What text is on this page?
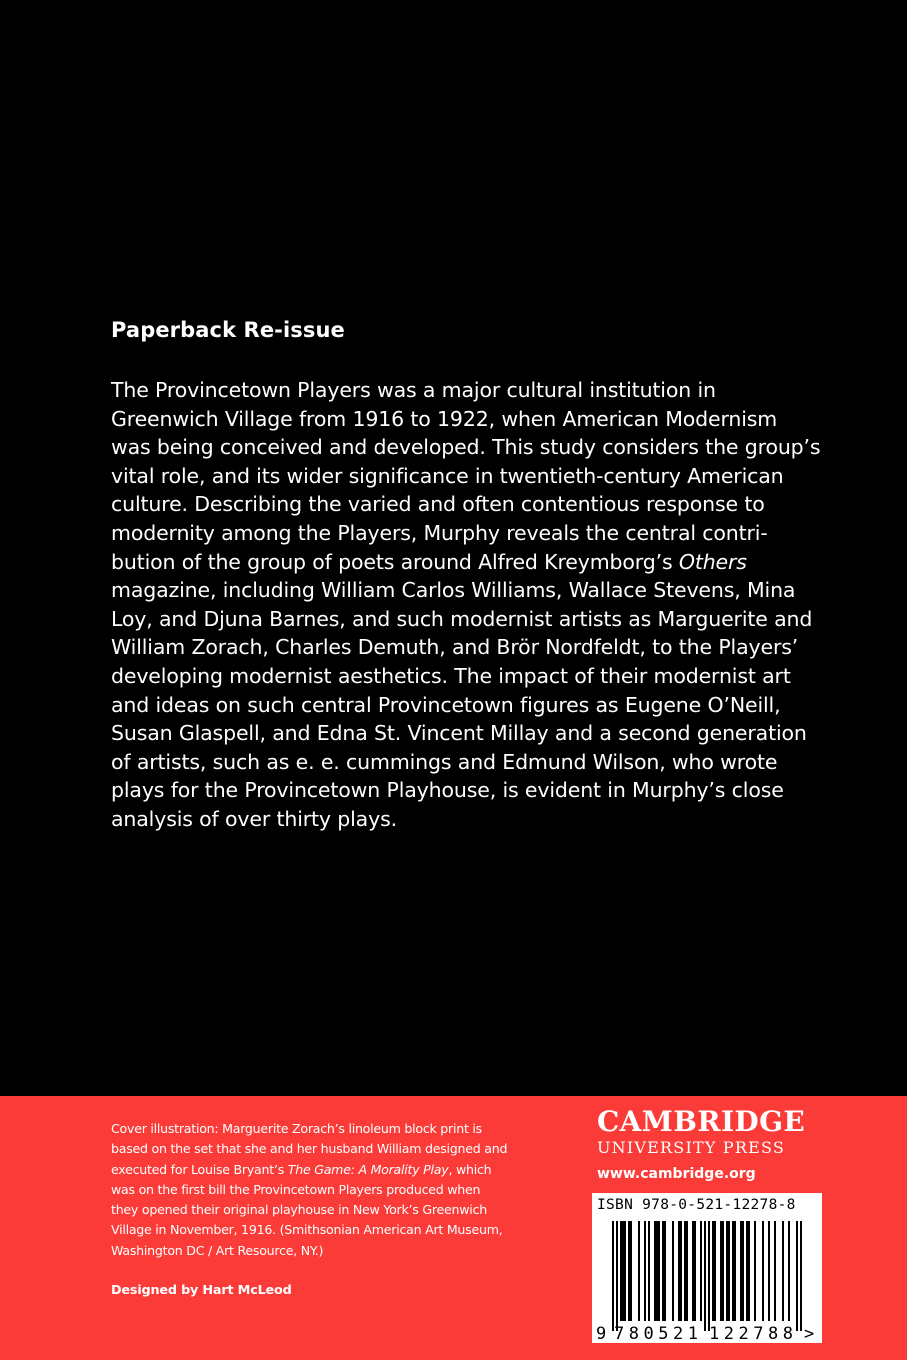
Paperback Re-issue

The Provincetown Players was a major cultural institution in
Greenwich Village from 1916 to 1922, when American Modernism
was being conceived and developed. This study considers the group’s
vital role, and its wider significance in twentieth-century American
culture. Describing the varied and often contentious response to
modernity among the Players, Murphy reveals the central contri-
bution of the group of poets around Alfred Kreymborg’s Others
magazine, including William Carlos Williams, Wallace Stevens, Mina
Loy, and Djuna Barnes, and such modernist artists as Marguerite and
William Zorach, Charles Demuth, and Brör Nordfeldt, to the Players’
developing modernist aesthetics. The impact of their modernist art
and ideas on such central Provincetown figures as Eugene O’Neill,
Susan Glaspell, and Edna St. Vincent Millay and a second generation
of artists, such as e. e. cummings and Edmund Wilson, who wrote
plays for the Provincetown Playhouse, is evident in Murphy’s close
analysis of over thirty plays.

Cover illustration: Marguerite Zorach’s linoleum block print is
based on the set that she and her husband William designed and
executed for Louise Bryant’s The Game: A Morality Play, which
was on the first bill the Provincetown Players produced when
they opened their original playhouse in New York’s Greenwich
Village in November, 1916. (Smithsonian American Art Museum,
Washington DC / Art Resource, NY.)

Designed by Hart McLeod
CAMBRIDGE
UNIVERSITY PRESS
www.cambridge.org
ISBN 978-0-521-12278-8
9 780521 122788 >
